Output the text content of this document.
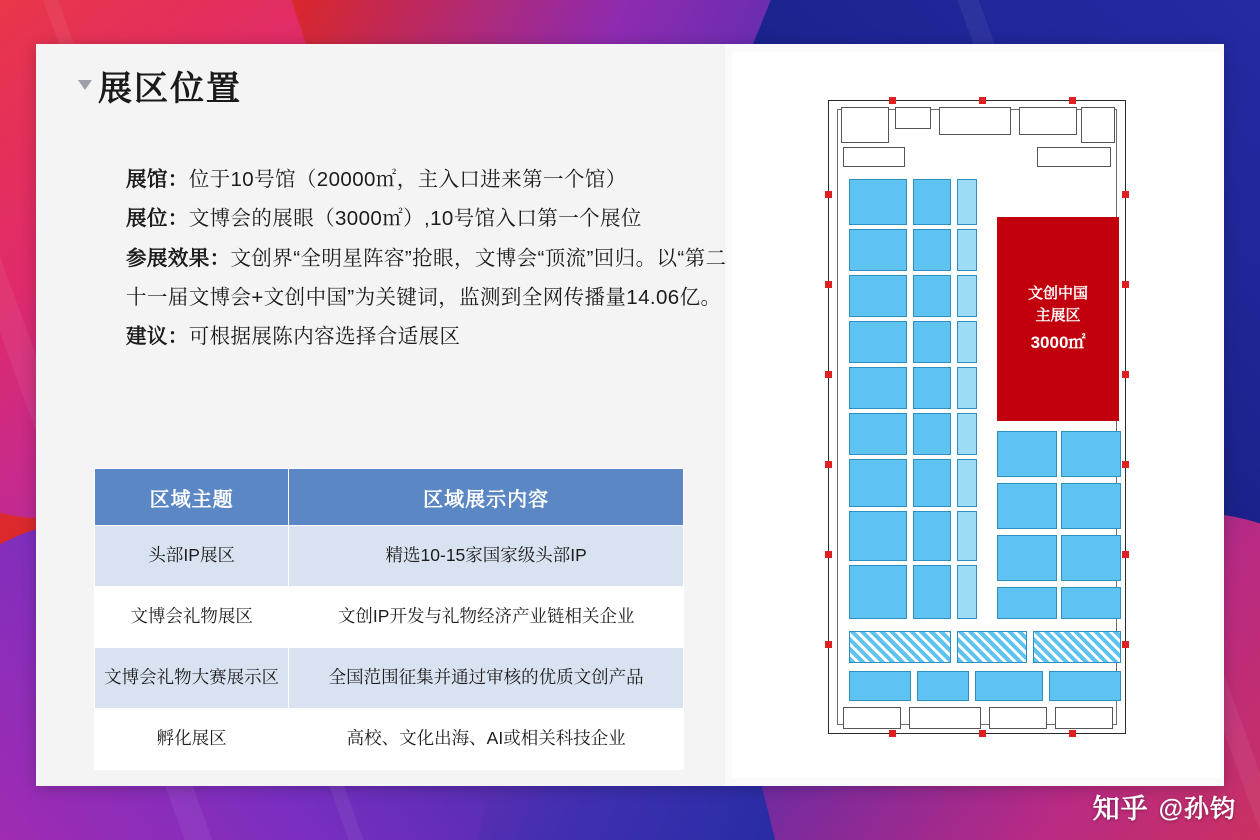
展区位置
展馆：位于10号馆（20000㎡，主入口进来第一个馆）
展位：文博会的展眼（3000㎡）,10号馆入口第一个展位
参展效果：文创界“全明星阵容”抢眼，文博会“顶流”回归。以“第二十一届文博会+文创中国”为关键词，监测到全网传播量14.06亿。
建议：可根据展陈内容选择合适展区
区域主题	区域展示内容
头部IP展区	精选10-15家国家级头部IP
文博会礼物展区	文创IP开发与礼物经济产业链相关企业
文博会礼物大赛展示区	全国范围征集并通过审核的优质文创产品
孵化展区	高校、文化出海、AI或相关科技企业
文创中国
主展区
3000㎡
知乎 @孙钧
